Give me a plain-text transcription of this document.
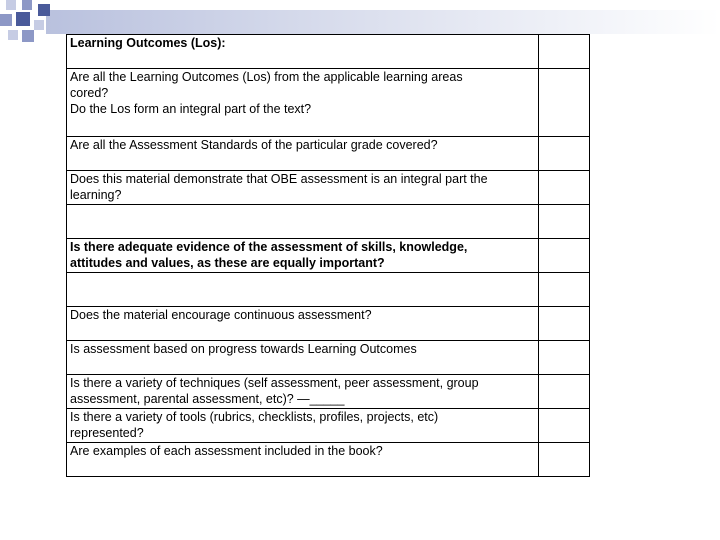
Learning Outcomes (Los):	

Are all the Learning Outcomes (Los) from the applicable learning areas
cored?
Do the Los form an integral part of the text?	

Are all the Assessment Standards of the particular grade covered?	

Does this material demonstrate that OBE assessment is an integral part the
learning?	

Is there adequate evidence of the assessment of skills, knowledge,
attitudes and values, as these are equally important?	

Does the material encourage continuous assessment?	

Is assessment based on progress towards Learning Outcomes	

Is there a variety of techniques (self assessment, peer assessment, group
assessment, parental assessment, etc)? —_____	

Is there a variety of tools (rubrics, checklists, profiles, projects, etc)
represented?	

Are examples of each assessment included in the book?	
